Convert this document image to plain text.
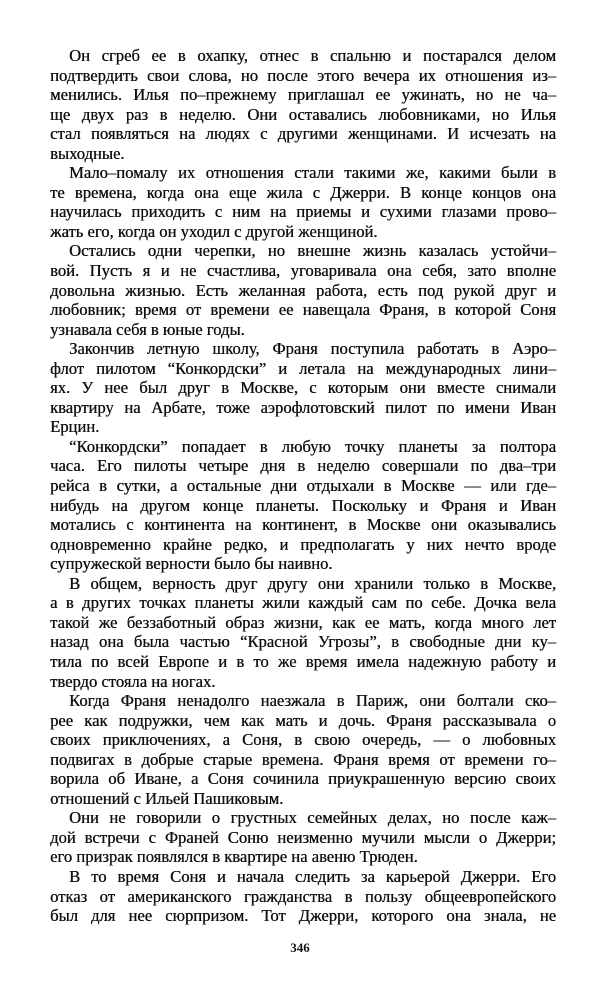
Он сгреб ее в охапку, отнес в спальню и постарался делом
подтвердить свои слова, но после этого вечера их отношения из–
менились. Илья по–прежнему приглашал ее ужинать, но не ча–
ще двух раз в неделю. Они оставались любовниками, но Илья
стал появляться на людях с другими женщинами. И исчезать на
выходные.
Мало–помалу их отношения стали такими же, какими были в
те времена, когда она еще жила с Джерри. В конце концов она
научилась приходить с ним на приемы и сухими глазами прово–
жать его, когда он уходил с другой женщиной.
Остались одни черепки, но внешне жизнь казалась устойчи–
вой. Пусть я и не счастлива, уговаривала она себя, зато вполне
довольна жизнью. Есть желанная работа, есть под рукой друг и
любовник; время от времени ее навещала Франя, в которой Соня
узнавала себя в юные годы.
Закончив летную школу, Франя поступила работать в Аэро–
флот пилотом “Конкордски” и летала на международных лини–
ях. У нее был друг в Москве, с которым они вместе снимали
квартиру на Арбате, тоже аэрофлотовский пилот по имени Иван
Ерцин.
“Конкордски” попадает в любую точку планеты за полтора
часа. Его пилоты четыре дня в неделю совершали по два–три
рейса в сутки, а остальные дни отдыхали в Москве — или где–
нибудь на другом конце планеты. Поскольку и Франя и Иван
мотались с континента на континент, в Москве они оказывались
одновременно крайне редко, и предполагать у них нечто вроде
супружеской верности было бы наивно.
В общем, верность друг другу они хранили только в Москве,
а в других точках планеты жили каждый сам по себе. Дочка вела
такой же беззаботный образ жизни, как ее мать, когда много лет
назад она была частью “Красной Угрозы”, в свободные дни ку–
тила по всей Европе и в то же время имела надежную работу и
твердо стояла на ногах.
Когда Франя ненадолго наезжала в Париж, они болтали ско–
рее как подружки, чем как мать и дочь. Франя рассказывала о
своих приключениях, а Соня, в свою очередь, — о любовных
подвигах в добрые старые времена. Франя время от времени го–
ворила об Иване, а Соня сочинила приукрашенную версию своих
отношений с Ильей Пашиковым.
Они не говорили о грустных семейных делах, но после каж–
дой встречи с Франей Соню неизменно мучили мысли о Джерри;
его призрак появлялся в квартире на авеню Трюден.
В то время Соня и начала следить за карьерой Джерри. Его
отказ от американского гражданства в пользу общеевропейского
был для нее сюрпризом. Тот Джерри, которого она знала, не
346
